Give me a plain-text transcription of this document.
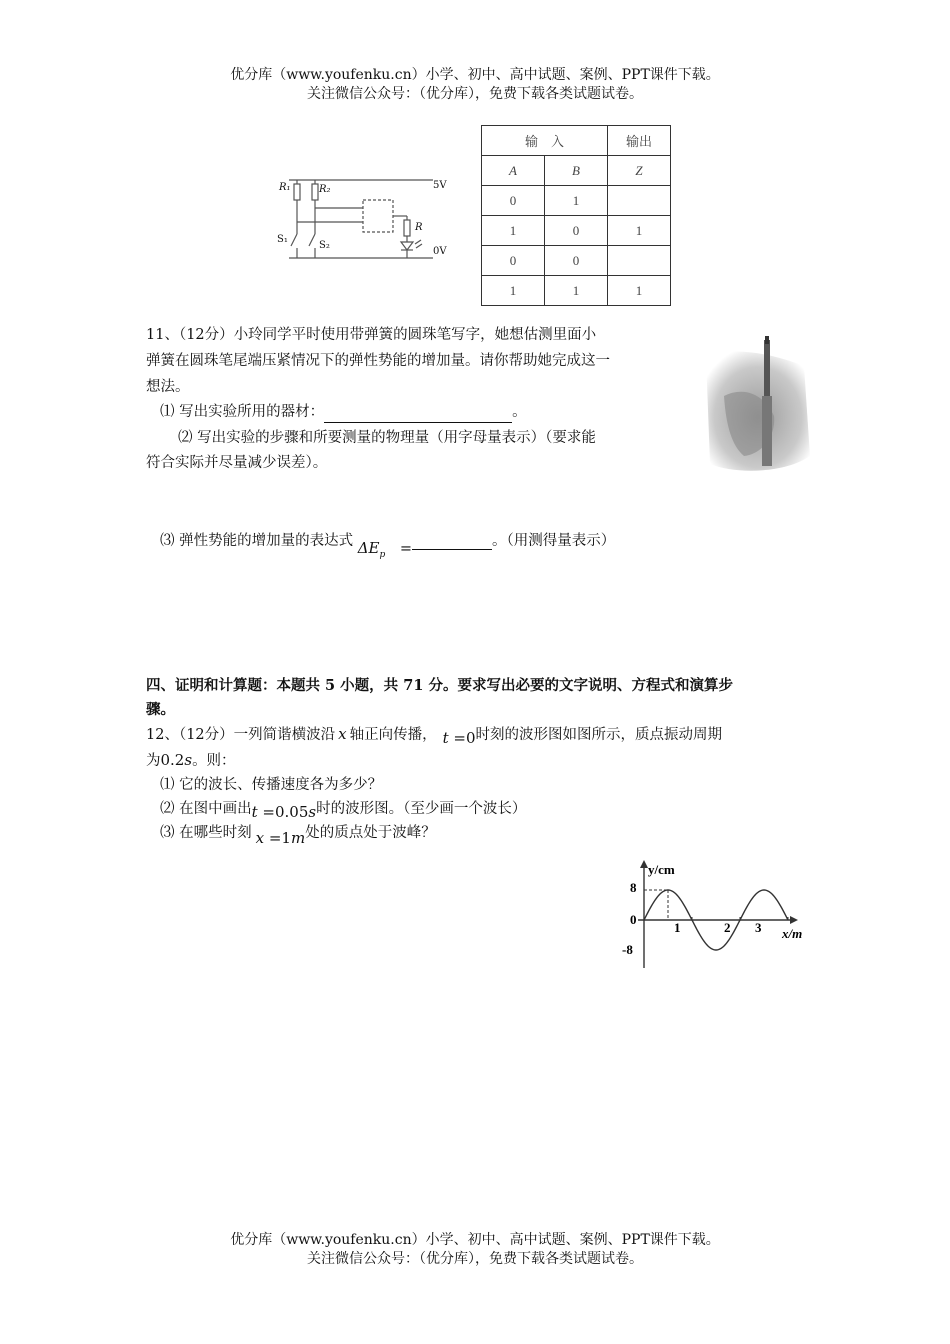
优分库（www.youfenku.cn）小学、初中、高中试题、案例、PPT课件下载。
关注微信公众号：（优分库），免费下载各类试题试卷。
R₁	R₂
R
S₁
S₂
5V
0V
输　入		输出
A	B	Z
0	1	
1	0	1
0	0	
1	1	1
11、（12分）小玲同学平时使用带弹簧的圆珠笔写字，她想估测里面小
弹簧在圆珠笔尾端压紧情况下的弹性势能的增加量。请你帮助她完成这一
想法。
⑴ 写出实验所用的器材：	。
⑵ 写出实验的步骤和所要测量的物理量（用字母量表示）（要求能
符合实际并尽量减少误差）。
⑶ 弹性势能的增加量的表达式 $\Delta E_p$ =	。（用测得量表示）
四、证明和计算题：本题共 5 小题，共 71 分。要求写出必要的文字说明、方程式和演算步
骤。
12、（12分）一列简谐横波沿 x 轴正向传播， t =0时刻的波形图如图所示，质点振动周期
为0.2s。则：
⑴ 它的波长、传播速度各为多少？
⑵ 在图中画出t =0.05s时的波形图。（至少画一个波长）
⑶ 在哪些时刻 x =1m处的质点处于波峰？
y/cm
x/m
8
0
-8
1	2 3
优分库（www.youfenku.cn）小学、初中、高中试题、案例、PPT课件下载。
关注微信公众号：（优分库），免费下载各类试题试卷。
